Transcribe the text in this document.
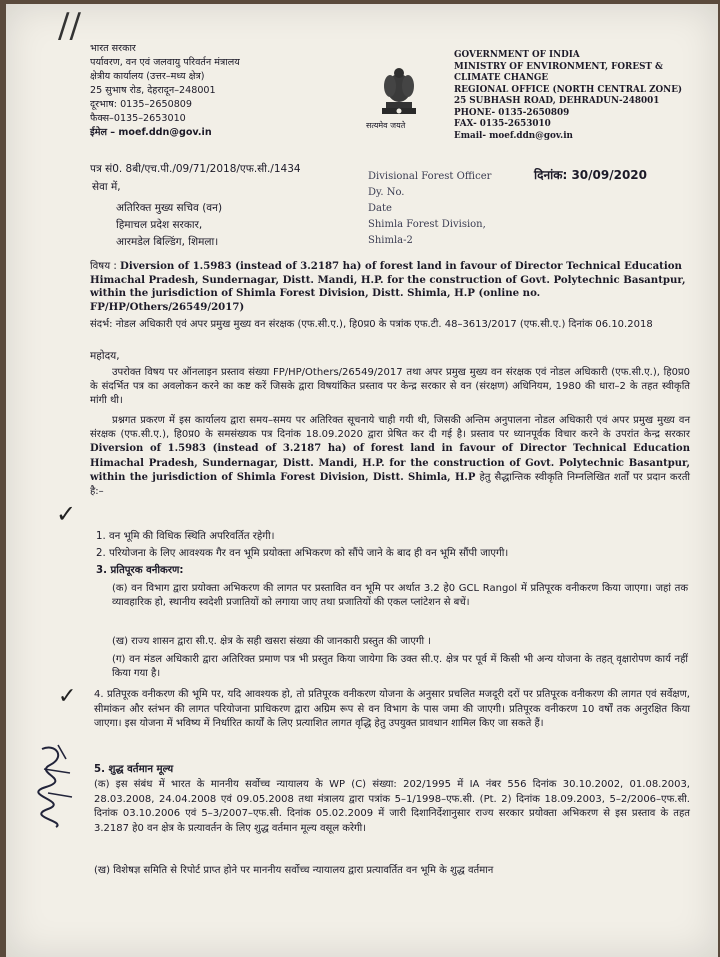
//
भारत सरकार
पर्यावरण, वन एवं जलवायु परिवर्तन मंत्रालय
क्षेत्रीय कार्यालय (उत्तर–मध्य क्षेत्र)
25 सुभाष रोड, देहरादून–248001
दूरभाष: 0135–2650809
फैक्स–0135–2653010
ईमेल – moef.ddn@gov.in
सत्यमेव जयते
GOVERNMENT OF INDIA
MINISTRY OF ENVIRONMENT, FOREST &
CLIMATE CHANGE
REGIONAL OFFICE (NORTH CENTRAL ZONE)
25 SUBHASH ROAD, DEHRADUN-248001
PHONE- 0135-2650809
FAX- 0135-2653010
Email- moef.ddn@gov.in
पत्र सं0. 8बी/एच.पी./09/71/2018/एफ.सी./1434	दिनांक: 30/09/2020
Divisional Forest Officer
Dy. No.
Date
Shimla Forest Division,
Shimla-2
सेवा में,
अतिरिक्त मुख्य सचिव (वन)
हिमाचल प्रदेश सरकार,
आरमडेल बिल्डिंग, शिमला।
विषय : Diversion of 1.5983 (instead of 3.2187 ha) of forest land in favour of Director Technical Education Himachal Pradesh, Sundernagar, Distt. Mandi, H.P. for the construction of Govt. Polytechnic Basantpur, within the jurisdiction of Shimla Forest Division, Distt. Shimla, H.P (online no. FP/HP/Others/26549/2017)
संदर्भ: नोडल अधिकारी एवं अपर प्रमुख मुख्य वन संरक्षक (एफ.सी.ए.), हि0प्र0 के पत्रांक एफ.टी. 48–3613/2017 (एफ.सी.ए.) दिनांक 06.10.2018
महोदय,
उपरोक्त विषय पर ऑनलाइन प्रस्ताव संख्या FP/HP/Others/26549/2017 तथा अपर प्रमुख मुख्य वन संरक्षक एवं नोडल अधिकारी (एफ.सी.ए.), हि0प्र0 के संदर्भित पत्र का अवलोकन करने का कष्ट करें जिसके द्वारा विषयांकित प्रस्ताव पर केन्द्र सरकार से वन (संरक्षण) अधिनियम, 1980 की धारा–2 के तहत स्वीकृति मांगी थी।
प्रश्नगत प्रकरण में इस कार्यालय द्वारा समय–समय पर अतिरिक्त सूचनाये चाही गयी थी, जिसकी अन्तिम अनुपालना नोडल अधिकारी एवं अपर प्रमुख मुख्य वन संरक्षक (एफ.सी.ए.), हि0प्र0 के समसंख्यक पत्र दिनांक 18.09.2020 द्वारा प्रेषित कर दी गई है। प्रस्ताव पर ध्यानपूर्वक विचार करने के उपरांत केन्द्र सरकार Diversion of 1.5983 (instead of 3.2187 ha) of forest land in favour of Director Technical Education Himachal Pradesh, Sundernagar, Distt. Mandi, H.P. for the construction of Govt. Polytechnic Basantpur, within the jurisdiction of Shimla Forest Division, Distt. Shimla, H.P हेतु सैद्धान्तिक स्वीकृति निम्नलिखित शर्तों पर प्रदान करती है:–
✓
1. वन भूमि की विधिक स्थिति अपरिवर्तित रहेगी।
2. परियोजना के लिए आवश्यक गैर वन भूमि प्रयोक्ता अभिकरण को सौंपे जाने के बाद ही वन भूमि सौंपी जाएगी।
3. प्रतिपूरक वनीकरण:
(क) वन विभाग द्वारा प्रयोक्ता अभिकरण की लागत पर प्रस्तावित वन भूमि पर अर्थात 3.2 हे0 GCL Rangol में प्रतिपूरक वनीकरण किया जाएगा। जहां तक व्यावहारिक हो, स्थानीय स्वदेशी प्रजातियों को लगाया जाए तथा प्रजातियों की एकल प्लांटेशन से बचें।
(ख) राज्य शासन द्वारा सी.ए. क्षेत्र के सही खसरा संख्या की जानकारी प्रस्तुत की जाएगी ।
(ग) वन मंडल अधिकारी द्वारा अतिरिक्त प्रमाण पत्र भी प्रस्तुत किया जायेगा कि उक्त सी.ए. क्षेत्र पर पूर्व में किसी भी अन्य योजना के तहत् वृक्षारोपण कार्य नहीं किया गया है।
✓ 4. प्रतिपूरक वनीकरण की भूमि पर, यदि आवश्यक हो, तो प्रतिपूरक वनीकरण योजना के अनुसार प्रचलित मजदूरी दरों पर प्रतिपूरक वनीकरण की लागत एवं सर्वेक्षण, सीमांकन और स्तंभन की लागत परियोजना प्राधिकरण द्वारा अग्रिम रूप से वन विभाग के पास जमा की जाएगी। प्रतिपूरक वनीकरण 10 वर्षों तक अनुरक्षित किया जाएगा। इस योजना में भविष्य में निर्धारित कार्यों के लिए प्रत्याशित लागत वृद्धि हेतु उपयुक्त प्रावधान शामिल किए जा सकते हैं।
5. शुद्ध वर्तमान मूल्य
(क) इस संबंध में भारत के माननीय सर्वोच्च न्यायालय के WP (C) संख्या: 202/1995 में IA नंबर 556 दिनांक 30.10.2002, 01.08.2003, 28.03.2008, 24.04.2008 एवं 09.05.2008 तथा मंत्रालय द्वारा पत्रांक 5–1/1998–एफ.सी. (Pt. 2) दिनांक 18.09.2003, 5–2/2006–एफ.सी. दिनांक 03.10.2006 एवं 5–3/2007–एफ.सी. दिनांक 05.02.2009 में जारी दिशानिर्देशानुसार राज्य सरकार प्रयोक्ता अभिकरण से इस प्रस्ताव के तहत 3.2187 हे0 वन क्षेत्र के प्रत्यावर्तन के लिए शुद्ध वर्तमान मूल्य वसूल करेगी।
(ख) विशेषज्ञ समिति से रिपोर्ट प्राप्त होने पर माननीय सर्वोच्च न्यायालय द्वारा प्रत्यावर्तित वन भूमि के शुद्ध वर्तमान
